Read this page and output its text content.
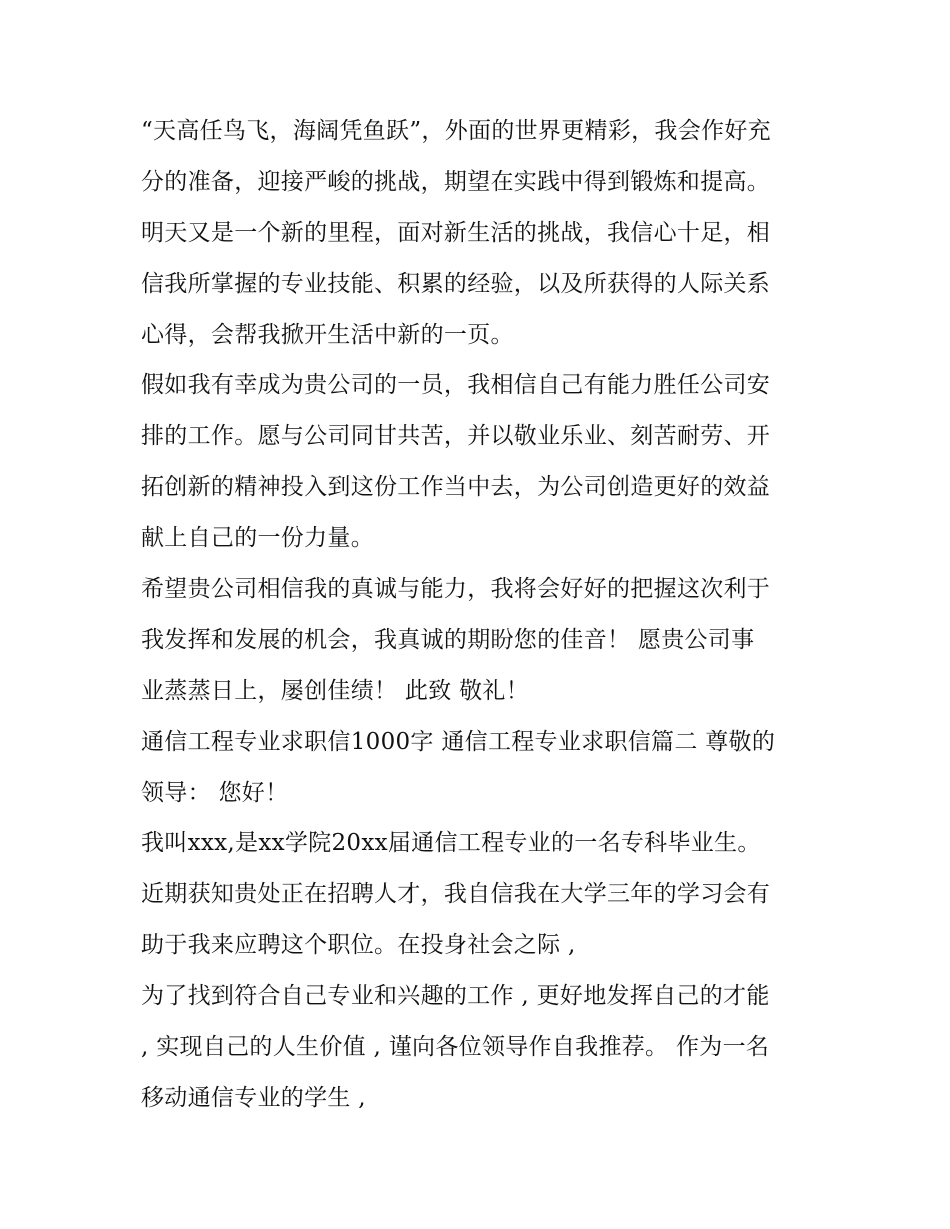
“天高任鸟飞，海阔凭鱼跃”，外面的世界更精彩，我会作好充
分的准备，迎接严峻的挑战，期望在实践中得到锻炼和提高。
明天又是一个新的里程，面对新生活的挑战，我信心十足，相
信我所掌握的专业技能、积累的经验，以及所获得的人际关系
心得，会帮我掀开生活中新的一页。
假如我有幸成为贵公司的一员，我相信自己有能力胜任公司安
排的工作。愿与公司同甘共苦，并以敬业乐业、刻苦耐劳、开
拓创新的精神投入到这份工作当中去，为公司创造更好的效益
献上自己的一份力量。
希望贵公司相信我的真诚与能力，我将会好好的把握这次利于
我发挥和发展的机会，我真诚的期盼您的佳音！ 愿贵公司事
业蒸蒸日上，屡创佳绩！ 此致 敬礼！
通信工程专业求职信1000字 通信工程专业求职信篇二 尊敬的
领导： 您好！
我叫xxx,是xx学院20xx届通信工程专业的一名专科毕业生。
近期获知贵处正在招聘人才，我自信我在大学三年的学习会有
助于我来应聘这个职位。在投身社会之际 ,
为了找到符合自己专业和兴趣的工作 , 更好地发挥自己的才能
, 实现自己的人生价值 , 谨向各位领导作自我推荐。 作为一名
移动通信专业的学生 ,
